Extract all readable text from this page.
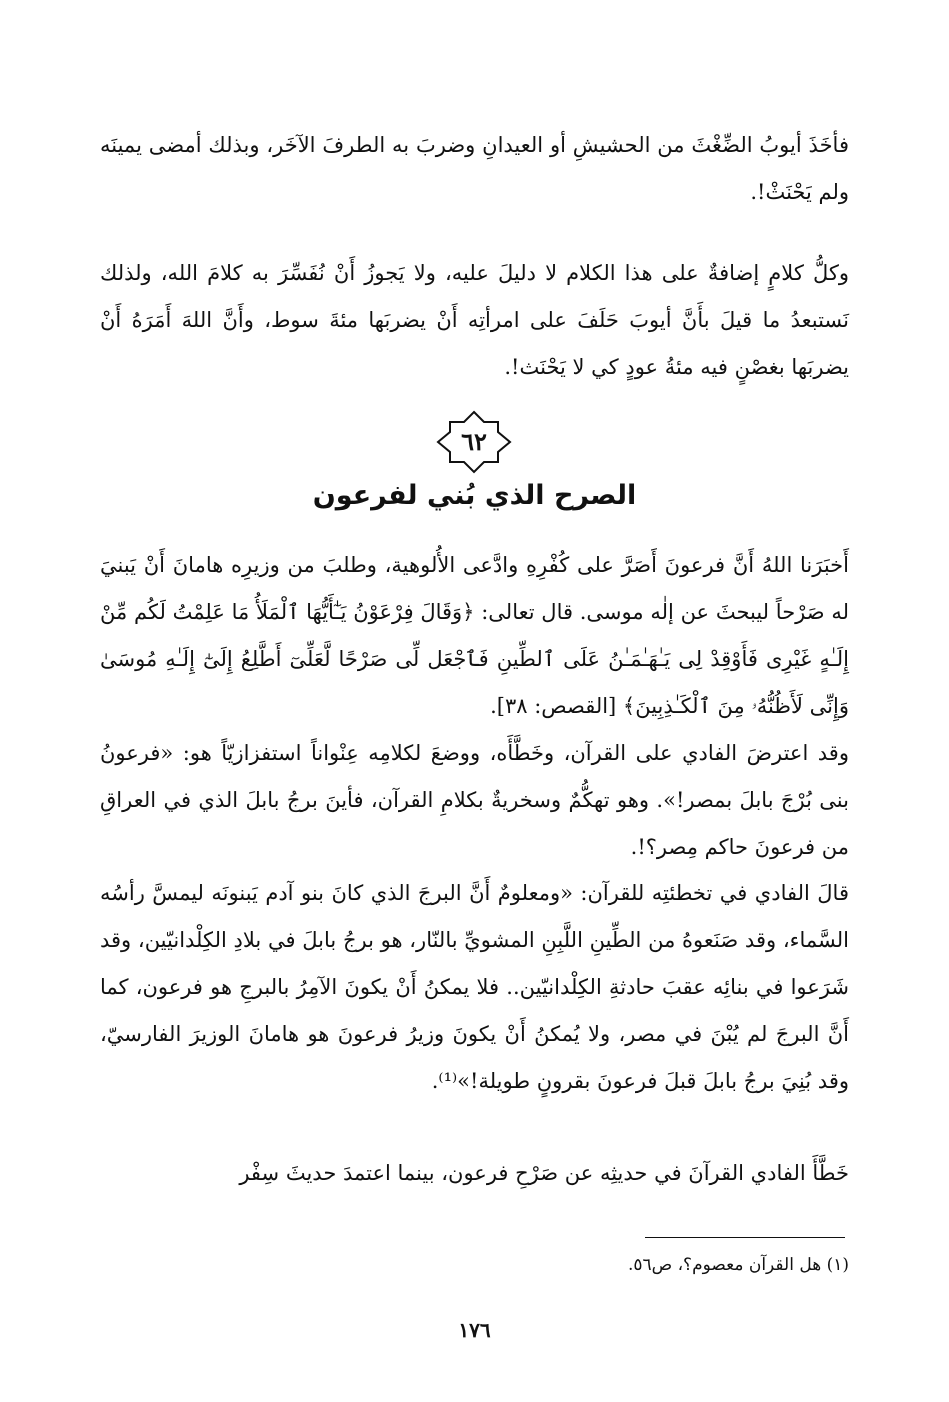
فأخَذَ أيوبُ الضِّغْثَ من الحشيشِ أو العيدانِ وضربَ به الطرفَ الآخَر، وبذلك أمضى يمينَه ولم يَحْنَثْ!.

وكلُّ كلامٍ إضافةٌ على هذا الكلام لا دليلَ عليه، ولا يَجوزُ أَنْ نُفَسِّرَ به كلامَ الله، ولذلك نَستبعدُ ما قيلَ بأَنَّ أيوبَ حَلَفَ على امرأتِه أَنْ يضربَها مئةَ سوط، وأَنَّ اللهَ أَمَرَهُ أَنْ يضربَها بغصْنٍ فيه مئةُ عودٍ كي لا يَحْنَث!.

٦٢
الصرح الذي بُني لفرعون

أَخبَرَنا اللهُ أَنَّ فرعونَ أَصَرَّ على كُفْرِهِ وادَّعى الأُلوهية، وطلبَ من وزيرِه هامانَ أَنْ يَبنيَ له صَرْحاً ليبحثَ عن إلٰه موسى. قال تعالى: ﴿وَقَالَ فِرْعَوْنُ يَـٰٓأَيُّهَا ٱلْمَلَأُ مَا عَلِمْتُ لَكُم مِّنْ إِلَـٰهٍ غَيْرِى فَأَوْقِدْ لِى يَـٰهَـٰمَـٰنُ عَلَى ٱلطِّينِ فَٱجْعَل لِّى صَرْحًا لَّعَلِّىٓ أَطَّلِعُ إِلَىٰٓ إِلَـٰهِ مُوسَىٰ وَإِنِّى لَأَظُنُّهُۥ مِنَ ٱلْكَـٰذِبِينَ﴾ [القصص: ٣٨].

وقد اعترضَ الفادي على القرآن، وخَطَّأَه، ووضعَ لكلامِه عِنْواناً استفزازيّاً هو: «فرعونُ بنى بُرْجَ بابلَ بمصر!». وهو تهكُّمٌ وسخريةٌ بكلامِ القرآن، فأينَ برجُ بابلَ الذي في العراقِ من فرعونَ حاكم مِصر؟!.

قالَ الفادي في تخطئتِه للقرآن: «ومعلومٌ أَنَّ البرجَ الذي كانَ بنو آدم يَبنونَه ليمسَّ رأسُه السَّماء، وقد صَنَعوهُ من الطِّينِ اللَّبِنِ المشويِّ بالنّار، هو برجُ بابلَ في بلادِ الكِلْدانيّين، وقد شَرَعوا في بنائِه عقبَ حادثةِ الكِلْدانيّين.. فلا يمكنُ أَنْ يكونَ الآمِرُ بالبرجِ هو فرعون، كما أَنَّ البرجَ لم يُبْنَ في مصر، ولا يُمكنُ أَنْ يكونَ وزيرُ فرعونَ هو هامانَ الوزيرَ الفارسيّ، وقد بُنِيَ برجُ بابلَ قبلَ فرعونَ بقرونٍ طويلة!»⁽¹⁾.

خَطَّأَ الفادي القرآنَ في حديثِه عن صَرْحِ فرعون، بينما اعتمدَ حديثَ سِفْر

(١) هل القرآن معصوم؟، ص٥٦.

١٧٦
